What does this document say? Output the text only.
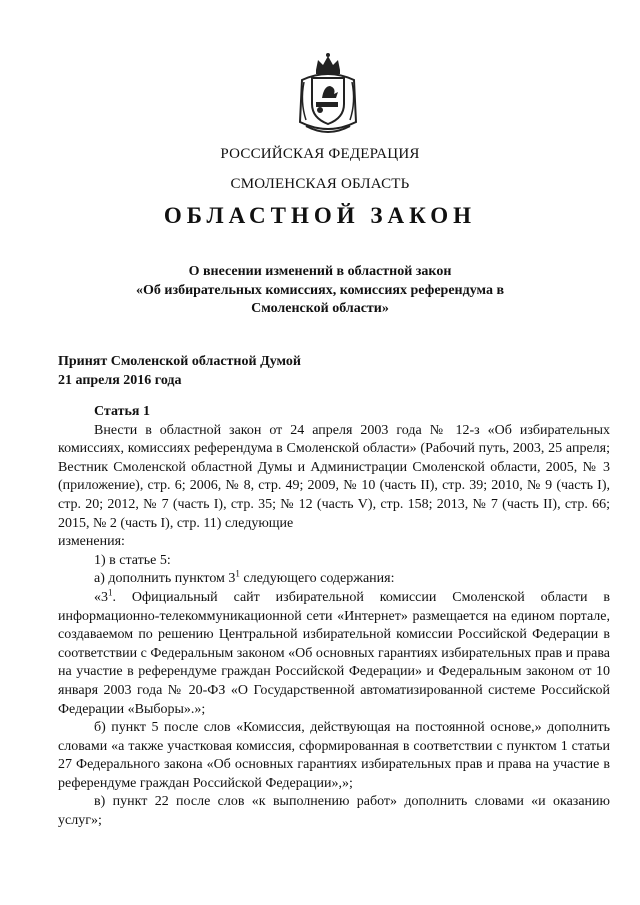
РОССИЙСКАЯ ФЕДЕРАЦИЯ
СМОЛЕНСКАЯ ОБЛАСТЬ
ОБЛАСТНОЙ ЗАКОН
О внесении изменений в областной закон
«Об избирательных комиссиях, комиссиях референдума в
Смоленской области»
Принят Смоленской областной Думой
21 апреля 2016 года

Статья 1

Внести в областной закон от 24 апреля 2003 года № 12-з «Об избирательных комиссиях, комиссиях референдума в Смоленской области» (Рабочий путь, 2003, 25 апреля; Вестник Смоленской областной Думы и Администрации Смоленской области, 2005, № 3 (приложение), стр. 6; 2006, № 8, стр. 49; 2009, № 10 (часть II), стр. 39; 2010, № 9 (часть I), стр. 20; 2012, № 7 (часть I), стр. 35; № 12 (часть V), стр. 158; 2013, № 7 (часть II), стр. 66; 2015, № 2 (часть I), стр. 11) следующие

изменения:

1) в статье 5:

а) дополнить пунктом $3^1$ следующего содержания:

«$3^1$. Официальный сайт избирательной комиссии Смоленской области в информационно-телекоммуникационной сети «Интернет» размещается на едином портале, создаваемом по решению Центральной избирательной комиссии Российской Федерации в соответствии с Федеральным законом «Об основных гарантиях избирательных прав и права на участие в референдуме граждан Российской Федерации» и Федеральным законом от 10 января 2003 года № 20-ФЗ «О Государственной автоматизированной системе Российской Федерации «Выборы».»;

б) пункт 5 после слов «Комиссия, действующая на постоянной основе,» дополнить словами «а также участковая комиссия, сформированная в соответствии с пунктом 1 статьи 27 Федерального закона «Об основных гарантиях избирательных прав и права на участие в референдуме граждан Российской Федерации»,»;

в) пункт 22 после слов «к выполнению работ» дополнить словами «и оказанию услуг»;
